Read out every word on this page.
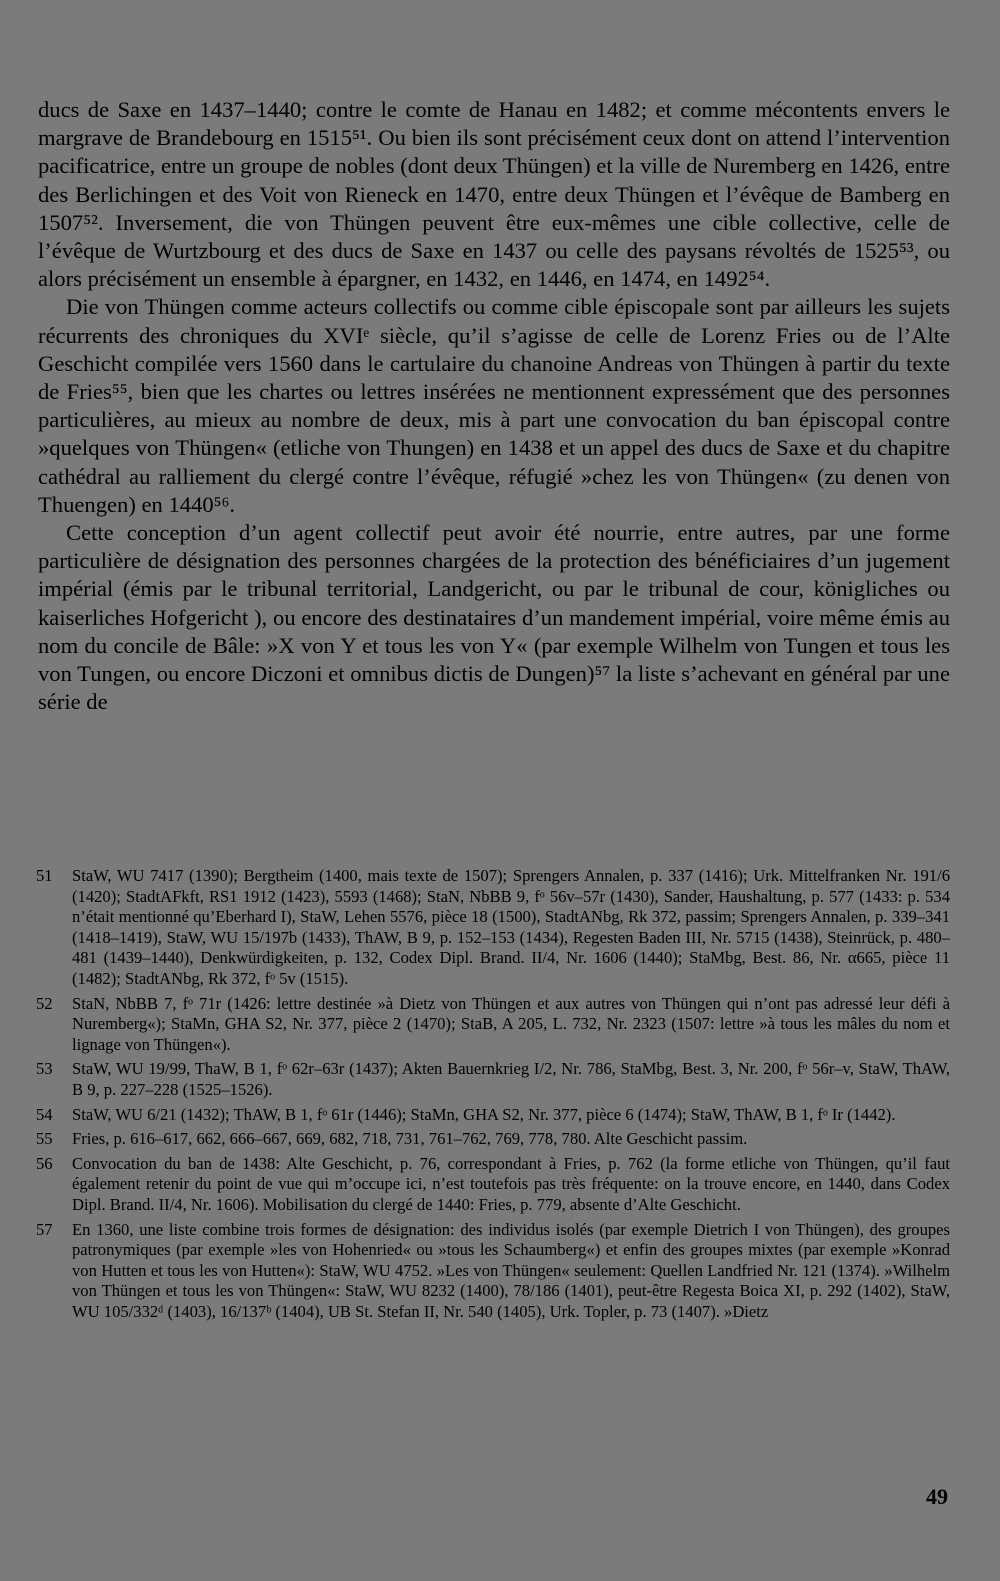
ducs de Saxe en 1437–1440; contre le comte de Hanau en 1482; et comme mécontents envers le margrave de Brandebourg en 1515⁵¹. Ou bien ils sont précisément ceux dont on attend l’intervention pacificatrice, entre un groupe de nobles (dont deux Thüngen) et la ville de Nuremberg en 1426, entre des Berlichingen et des Voit von Rieneck en 1470, entre deux Thüngen et l’évêque de Bamberg en 1507⁵². Inversement, die von Thüngen peuvent être eux-mêmes une cible collective, celle de l’évêque de Wurtzbourg et des ducs de Saxe en 1437 ou celle des paysans révoltés de 1525⁵³, ou alors précisément un ensemble à épargner, en 1432, en 1446, en 1474, en 1492⁵⁴.

Die von Thüngen comme acteurs collectifs ou comme cible épiscopale sont par ailleurs les sujets récurrents des chroniques du XVIᵉ siècle, qu’il s’agisse de celle de Lorenz Fries ou de l’Alte Geschicht compilée vers 1560 dans le cartulaire du chanoine Andreas von Thüngen à partir du texte de Fries⁵⁵, bien que les chartes ou lettres insérées ne mentionnent expressément que des personnes particulières, au mieux au nombre de deux, mis à part une convocation du ban épiscopal contre »quelques von Thüngen« (etliche von Thungen) en 1438 et un appel des ducs de Saxe et du chapitre cathédral au ralliement du clergé contre l’évêque, réfugié »chez les von Thüngen« (zu denen von Thuengen) en 1440⁵⁶.

Cette conception d’un agent collectif peut avoir été nourrie, entre autres, par une forme particulière de désignation des personnes chargées de la protection des bénéficiaires d’un jugement impérial (émis par le tribunal territorial, Landgericht, ou par le tribunal de cour, königliches ou kaiserliches Hofgericht ), ou encore des destinataires d’un mandement impérial, voire même émis au nom du concile de Bâle: »X von Y et tous les von Y« (par exemple Wilhelm von Tungen et tous les von Tungen, ou encore Diczoni et omnibus dictis de Dungen)⁵⁷ la liste s’achevant en général par une série de

51	StaW, WU 7417 (1390); Bergtheim (1400, mais texte de 1507); Sprengers Annalen, p. 337 (1416); Urk. Mittelfranken Nr. 191/6 (1420); StadtAFkft, RS1 1912 (1423), 5593 (1468); StaN, NbBB 9, fᵒ 56v–57r (1430), Sander, Haushaltung, p. 577 (1433: p. 534 n’était mentionné qu’Eberhard I), StaW, Lehen 5576, pièce 18 (1500), StadtANbg, Rk 372, passim; Sprengers Annalen, p. 339–341 (1418–1419), StaW, WU 15/197b (1433), ThAW, B 9, p. 152–153 (1434), Regesten Baden III, Nr. 5715 (1438), Steinrück, p. 480–481 (1439–1440), Denkwürdigkeiten, p. 132, Codex Dipl. Brand. II/4, Nr. 1606 (1440); StaMbg, Best. 86, Nr. α665, pièce 11 (1482); StadtANbg, Rk 372, fᵒ 5v (1515).
52	StaN, NbBB 7, fᵒ 71r (1426: lettre destinée »à Dietz von Thüngen et aux autres von Thüngen qui n’ont pas adressé leur défi à Nuremberg«); StaMn, GHA S2, Nr. 377, pièce 2 (1470); StaB, A 205, L. 732, Nr. 2323 (1507: lettre »à tous les mâles du nom et lignage von Thüngen«).
53	StaW, WU 19/99, ThaW, B 1, fᵒ 62r–63r (1437); Akten Bauernkrieg I/2, Nr. 786, StaMbg, Best. 3, Nr. 200, fᵒ 56r–v, StaW, ThAW, B 9, p. 227–228 (1525–1526).
54	StaW, WU 6/21 (1432); ThAW, B 1, fᵒ 61r (1446); StaMn, GHA S2, Nr. 377, pièce 6 (1474); StaW, ThAW, B 1, fᵒ Ir (1442).
55	Fries, p. 616–617, 662, 666–667, 669, 682, 718, 731, 761–762, 769, 778, 780. Alte Geschicht passim.
56	Convocation du ban de 1438: Alte Geschicht, p. 76, correspondant à Fries, p. 762 (la forme etliche von Thüngen, qu’il faut également retenir du point de vue qui m’occupe ici, n’est toutefois pas très fréquente: on la trouve encore, en 1440, dans Codex Dipl. Brand. II/4, Nr. 1606). Mobilisation du clergé de 1440: Fries, p. 779, absente d’Alte Geschicht.
57	En 1360, une liste combine trois formes de désignation: des individus isolés (par exemple Dietrich I von Thüngen), des groupes patronymiques (par exemple »les von Hohenried« ou »tous les Schaumberg«) et enfin des groupes mixtes (par exemple »Konrad von Hutten et tous les von Hutten«): StaW, WU 4752. »Les von Thüngen« seulement: Quellen Landfried Nr. 121 (1374). »Wilhelm von Thüngen et tous les von Thüngen«: StaW, WU 8232 (1400), 78/186 (1401), peut-être Regesta Boica XI, p. 292 (1402), StaW, WU 105/332ᵈ (1403), 16/137ᵇ (1404), UB St. Stefan II, Nr. 540 (1405), Urk. Topler, p. 73 (1407). »Dietz
49
